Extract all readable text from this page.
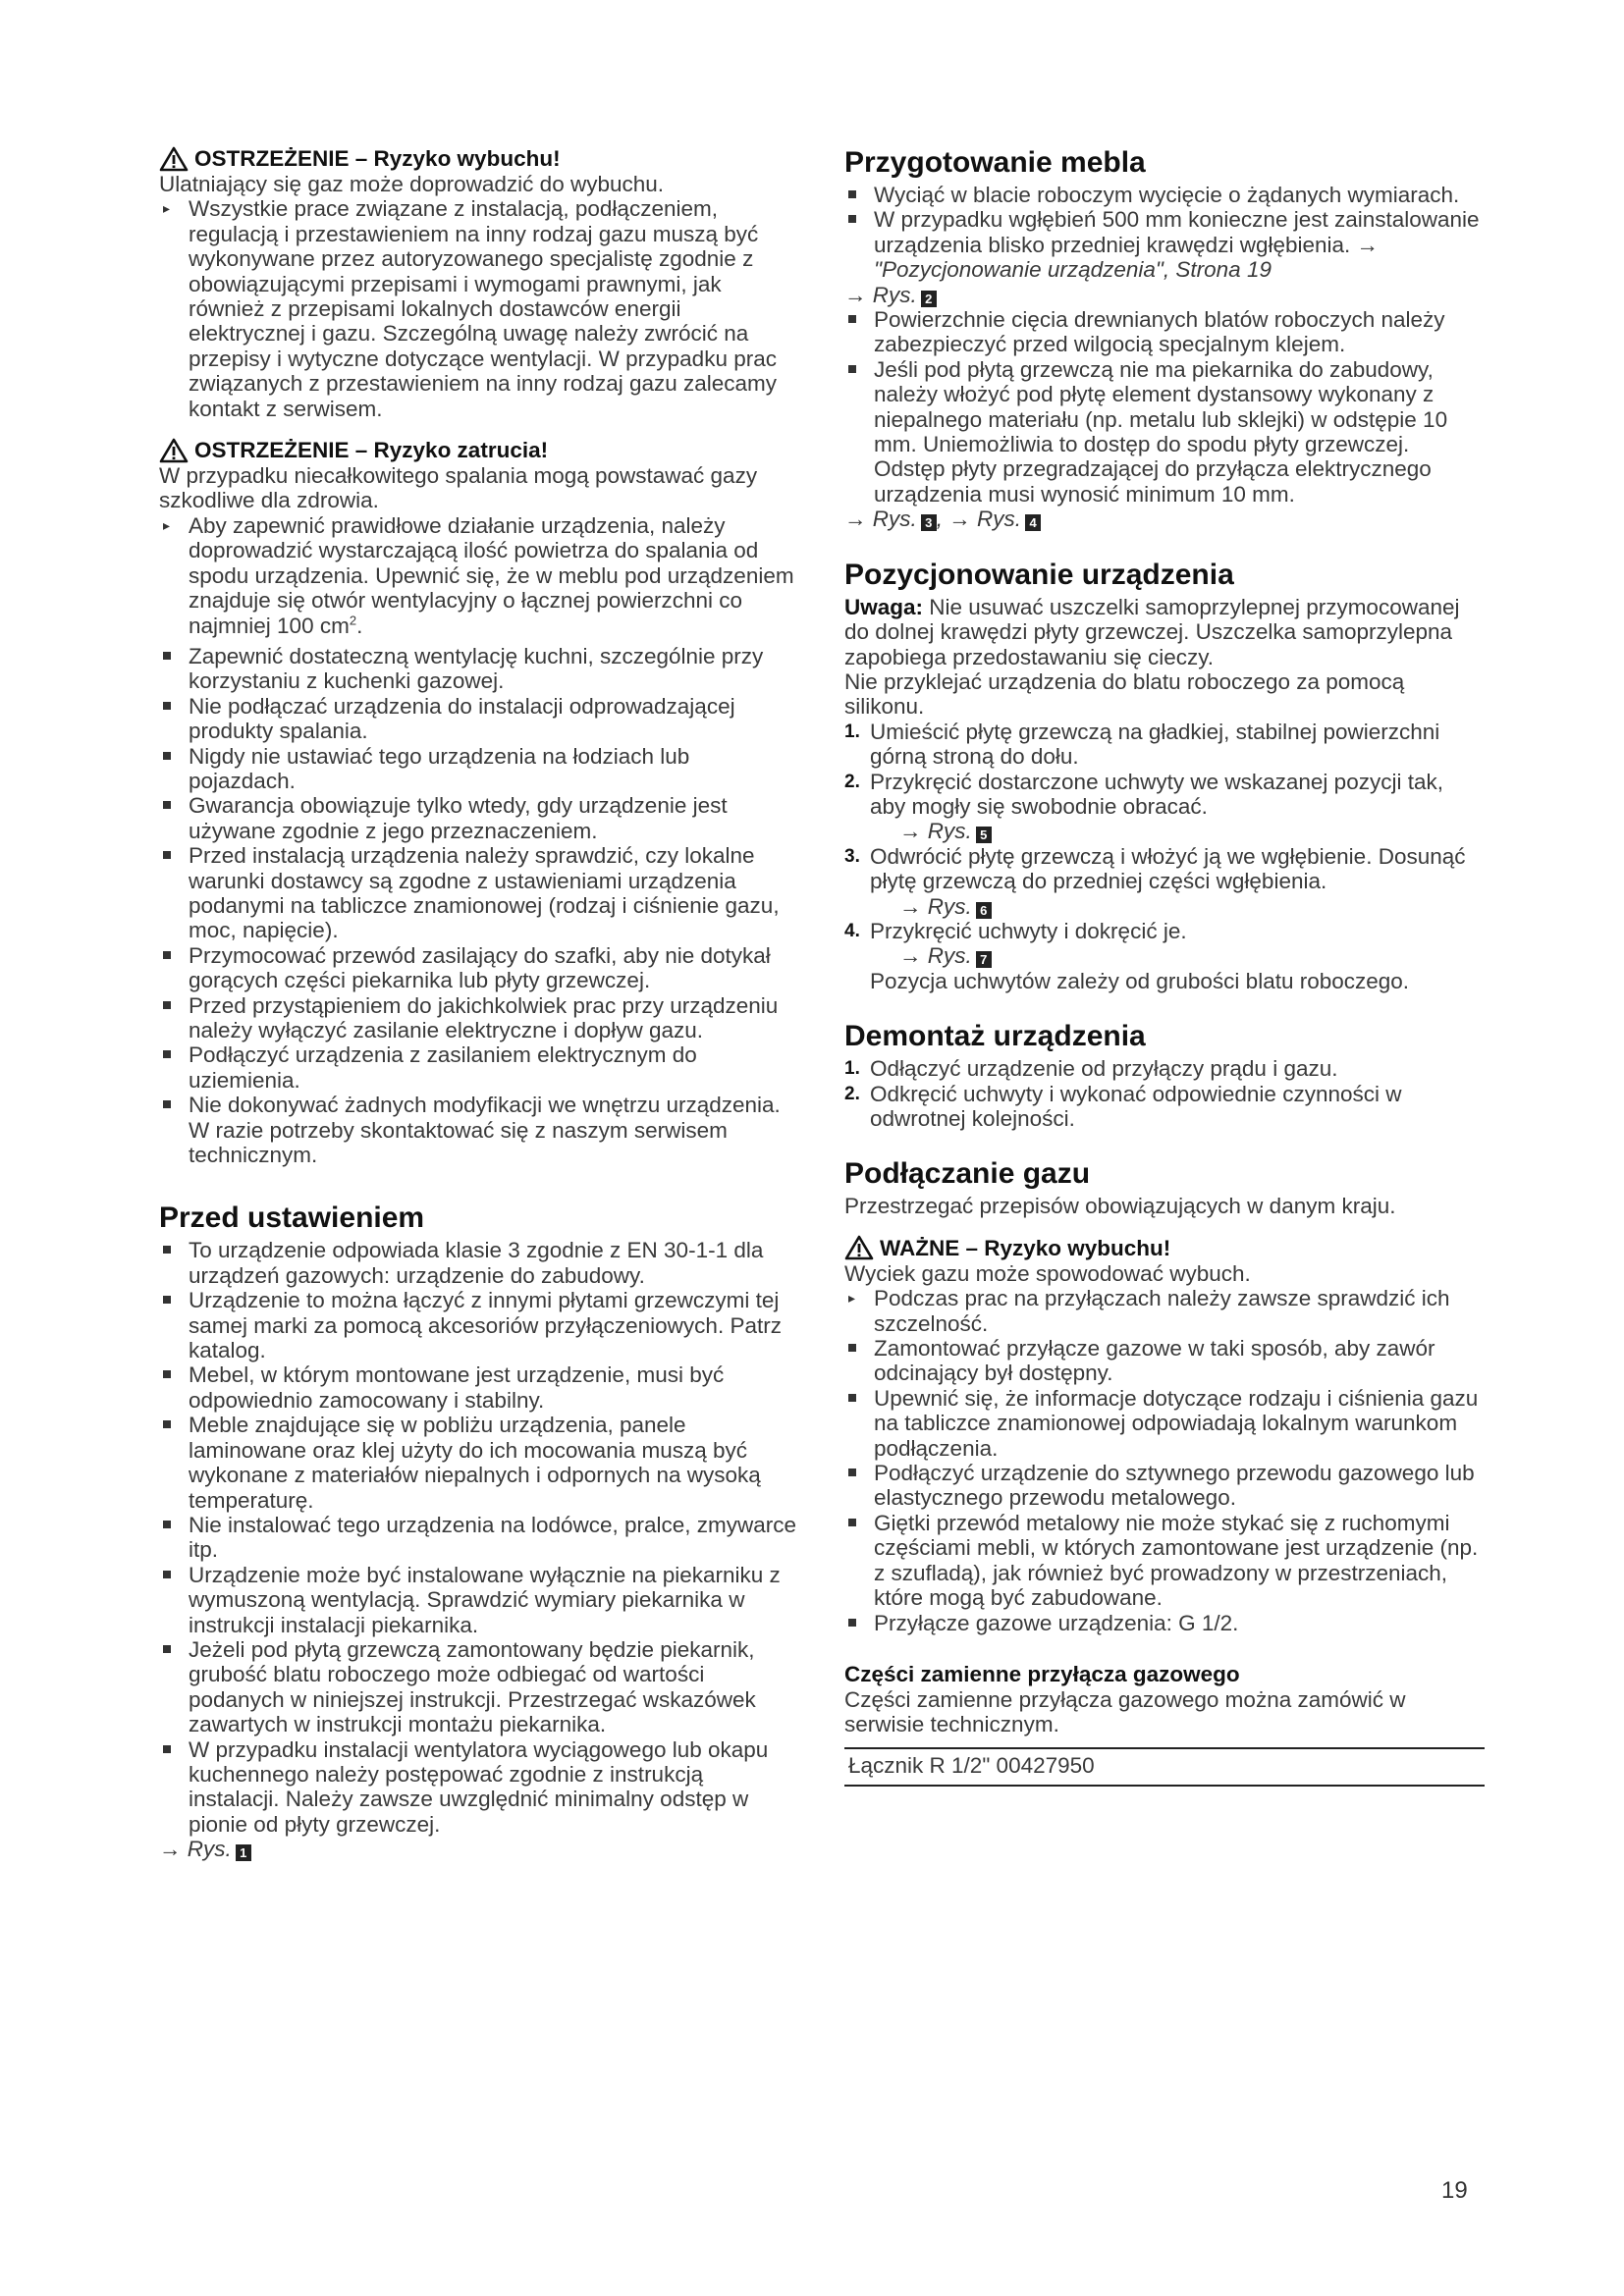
OSTRZEŻENIE – Ryzyko wybuchu!

Ulatniający się gaz może doprowadzić do wybuchu.

▸ Wszystkie prace związane z instalacją, podłączeniem, regulacją i przestawieniem na inny rodzaj gazu muszą być wykonywane przez autoryzowanego specjalistę zgodnie z obowiązującymi przepisami i wymogami prawnymi, jak również z przepisami lokalnych dostawców energii elektrycznej i gazu. Szczególną uwagę należy zwrócić na przepisy i wytyczne dotyczące wentylacji. W przypadku prac związanych z przestawieniem na inny rodzaj gazu zalecamy kontakt z serwisem.
OSTRZEŻENIE – Ryzyko zatrucia!

W przypadku niecałkowitego spalania mogą powstawać gazy szkodliwe dla zdrowia.

▸ Aby zapewnić prawidłowe działanie urządzenia, należy doprowadzić wystarczającą ilość powietrza do spalania od spodu urządzenia. Upewnić się, że w meblu pod urządzeniem znajduje się otwór wentylacyjny o łącznej powierzchni co najmniej 100 $cm^2$.
Zapewnić dostateczną wentylację kuchni, szczególnie przy korzystaniu z kuchenki gazowej.
Nie podłączać urządzenia do instalacji odprowadzającej produkty spalania.
Nigdy nie ustawiać tego urządzenia na łodziach lub pojazdach.
Gwarancja obowiązuje tylko wtedy, gdy urządzenie jest używane zgodnie z jego przeznaczeniem.
Przed instalacją urządzenia należy sprawdzić, czy lokalne warunki dostawcy są zgodne z ustawieniami urządzenia podanymi na tabliczce znamionowej (rodzaj i ciśnienie gazu, moc, napięcie).
Przymocować przewód zasilający do szafki, aby nie dotykał gorących części piekarnika lub płyty grzewczej.
Przed przystąpieniem do jakichkolwiek prac przy urządzeniu należy wyłączyć zasilanie elektryczne i dopływ gazu.
Podłączyć urządzenia z zasilaniem elektrycznym do uziemienia.
Nie dokonywać żadnych modyfikacji we wnętrzu urządzenia. W razie potrzeby skontaktować się z naszym serwisem technicznym.
Przed ustawieniem
To urządzenie odpowiada klasie 3 zgodnie z EN 30-1-1 dla urządzeń gazowych: urządzenie do zabudowy.
Urządzenie to można łączyć z innymi płytami grzewczymi tej samej marki za pomocą akcesoriów przyłączeniowych. Patrz katalog.
Mebel, w którym montowane jest urządzenie, musi być odpowiednio zamocowany i stabilny.
Meble znajdujące się w pobliżu urządzenia, panele laminowane oraz klej użyty do ich mocowania muszą być wykonane z materiałów niepalnych i odpornych na wysoką temperaturę.
Nie instalować tego urządzenia na lodówce, pralce, zmywarce itp.
Urządzenie może być instalowane wyłącznie na piekarniku z wymuszoną wentylacją. Sprawdzić wymiary piekarnika w instrukcji instalacji piekarnika.
Jeżeli pod płytą grzewczą zamontowany będzie piekarnik, grubość blatu roboczego może odbiegać od wartości podanych w niniejszej instrukcji. Przestrzegać wskazówek zawartych w instrukcji montażu piekarnika.
W przypadku instalacji wentylatora wyciągowego lub okapu kuchennego należy postępować zgodnie z instrukcją instalacji. Należy zawsze uwzględnić minimalny odstęp w pionie od płyty grzewczej.

→ Rys. 1

Przygotowanie mebla
Wyciąć w blacie roboczym wycięcie o żądanych wymiarach.
W przypadku wgłębień 500 mm konieczne jest zainstalowanie urządzenia blisko przedniej krawędzi wgłębienia. → "Pozycjonowanie urządzenia", Strona 19

→ Rys. 2

Powierzchnie cięcia drewnianych blatów roboczych należy zabezpieczyć przed wilgocią specjalnym klejem.
Jeśli pod płytą grzewczą nie ma piekarnika do zabudowy, należy włożyć pod płytę element dystansowy wykonany z niepalnego materiału (np. metalu lub sklejki) w odstępie 10 mm. Uniemożliwia to dostęp do spodu płyty grzewczej. Odstęp płyty przegradzającej do przyłącza elektrycznego urządzenia musi wynosić minimum 10 mm.

→ Rys. 3 , → Rys. 4

Pozycjonowanie urządzenia

Uwaga: Nie usuwać uszczelki samoprzylepnej przymocowanej do dolnej krawędzi płyty grzewczej. Uszczelka samoprzylepna zapobiega przedostawaniu się cieczy.

Nie przyklejać urządzenia do blatu roboczego za pomocą silikonu.

1. Umieścić płytę grzewczą na gładkiej, stabilnej powierzchni górną stroną do dołu.
2. Przykręcić dostarczone uchwyty we wskazanej pozycji tak, aby mogły się swobodnie obracać.
→ Rys. 5
3. Odwrócić płytę grzewczą i włożyć ją we wgłębienie. Dosunąć płytę grzewczą do przedniej części wgłębienia.
→ Rys. 6
4. Przykręcić uchwyty i dokręcić je.
→ Rys. 7
Pozycja uchwytów zależy od grubości blatu roboczego.
Demontaż urządzenia
1. Odłączyć urządzenie od przyłączy prądu i gazu.
2. Odkręcić uchwyty i wykonać odpowiednie czynności w odwrotnej kolejności.
Podłączanie gazu

Przestrzegać przepisów obowiązujących w danym kraju.

WAŻNE – Ryzyko wybuchu!

Wyciek gazu może spowodować wybuch.

▸ Podczas prac na przyłączach należy zawsze sprawdzić ich szczelność.
Zamontować przyłącze gazowe w taki sposób, aby zawór odcinający był dostępny.
Upewnić się, że informacje dotyczące rodzaju i ciśnienia gazu na tabliczce znamionowej odpowiadają lokalnym warunkom podłączenia.
Podłączyć urządzenie do sztywnego przewodu gazowego lub elastycznego przewodu metalowego.
Giętki przewód metalowy nie może stykać się z ruchomymi częściami mebli, w których zamontowane jest urządzenie (np. z szufladą), jak również być prowadzony w przestrzeniach, które mogą być zabudowane.
Przyłącze gazowe urządzenia: G 1/2.
Części zamienne przyłącza gazowego

Części zamienne przyłącza gazowego można zamówić w serwisie technicznym.

Łącznik R 1/2" 00427950
19
